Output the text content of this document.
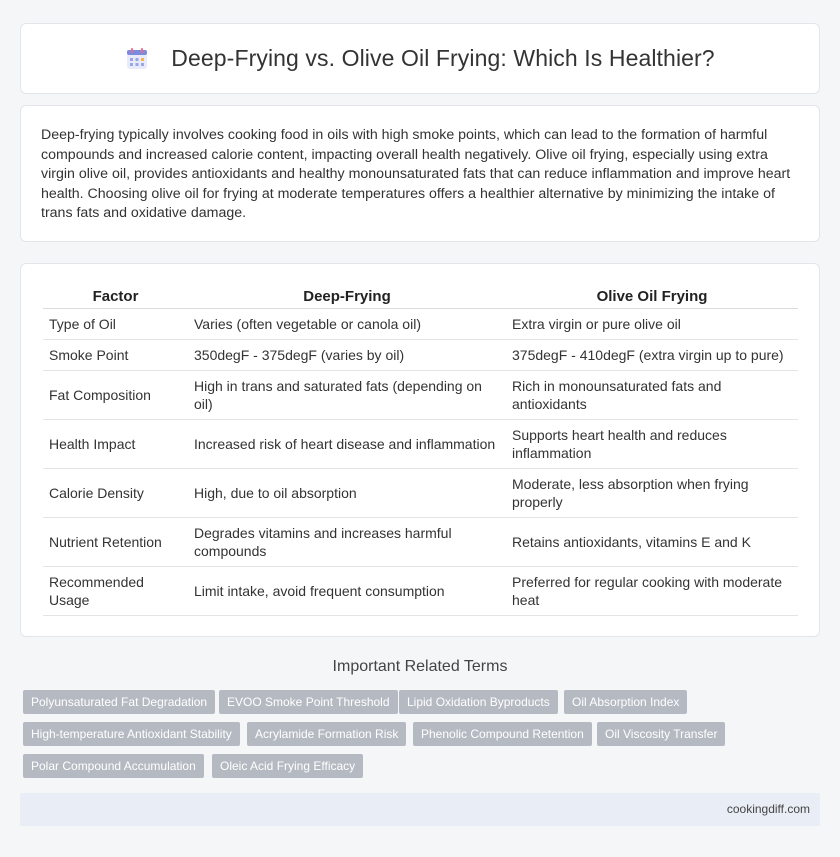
Deep-Frying vs. Olive Oil Frying: Which Is Healthier?

Deep-frying typically involves cooking food in oils with high smoke points, which can lead to the formation of harmful compounds and increased calorie content, impacting overall health negatively. Olive oil frying, especially using extra virgin olive oil, provides antioxidants and healthy monounsaturated fats that can reduce inflammation and improve heart health. Choosing olive oil for frying at moderate temperatures offers a healthier alternative by minimizing the intake of trans fats and oxidative damage.

Factor	Deep-Frying	Olive Oil Frying
Type of Oil	Varies (often vegetable or canola oil)	Extra virgin or pure olive oil
Smoke Point	350degF - 375degF (varies by oil)	375degF - 410degF (extra virgin up to pure)
Fat Composition	High in trans and saturated fats (depending on oil)	Rich in monounsaturated fats and antioxidants
Health Impact	Increased risk of heart disease and inflammation	Supports heart health and reduces inflammation
Calorie Density	High, due to oil absorption	Moderate, less absorption when frying properly
Nutrient Retention	Degrades vitamins and increases harmful compounds	Retains antioxidants, vitamins E and K
Recommended Usage	Limit intake, avoid frequent consumption	Preferred for regular cooking with moderate heat
Important Related Terms
Polyunsaturated Fat Degradation	EVOO Smoke Point Threshold	Lipid Oxidation Byproducts	Oil Absorption Index
High-temperature Antioxidant Stability	Acrylamide Formation Risk	Phenolic Compound Retention	Oil Viscosity Transfer
Polar Compound Accumulation	Oleic Acid Frying Efficacy
cookingdiff.com
